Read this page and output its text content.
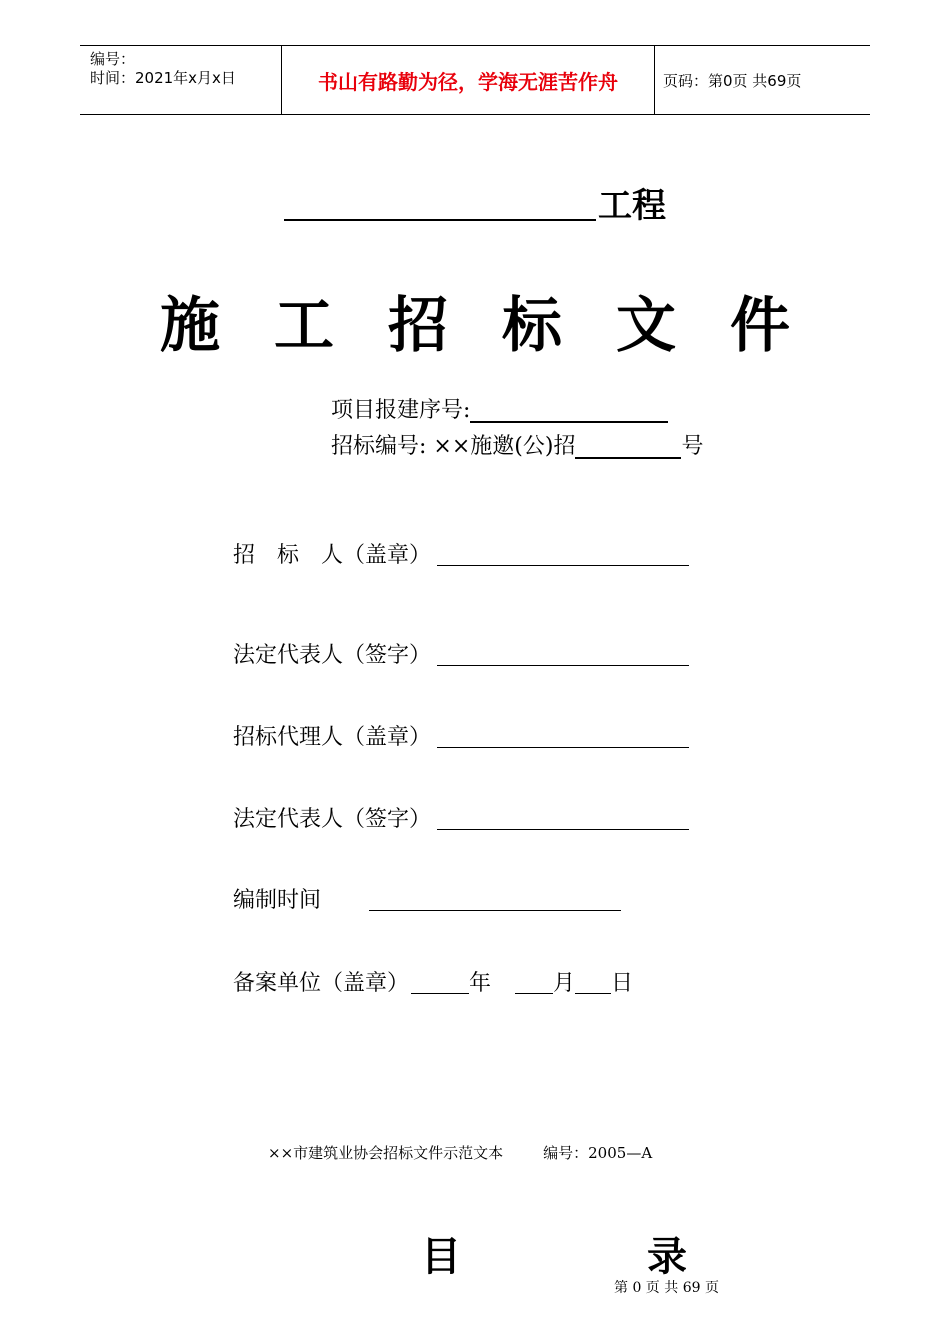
编号：
时间：2021年x月x日	书山有路勤为径，学海无涯苦作舟	页码：第0页 共69页
工程
施工招标文件
项目报建序号:
招标编号: ××施邀(公)招	号
招　标　人（盖章）
法定代表人（签字）
招标代理人（盖章）
法定代表人（签字）
编制时间
备案单位（盖章）	年	月 日
××市建筑业协会招标文件示范文本	编号：2005—A
目	录
第 0 页 共 69 页
